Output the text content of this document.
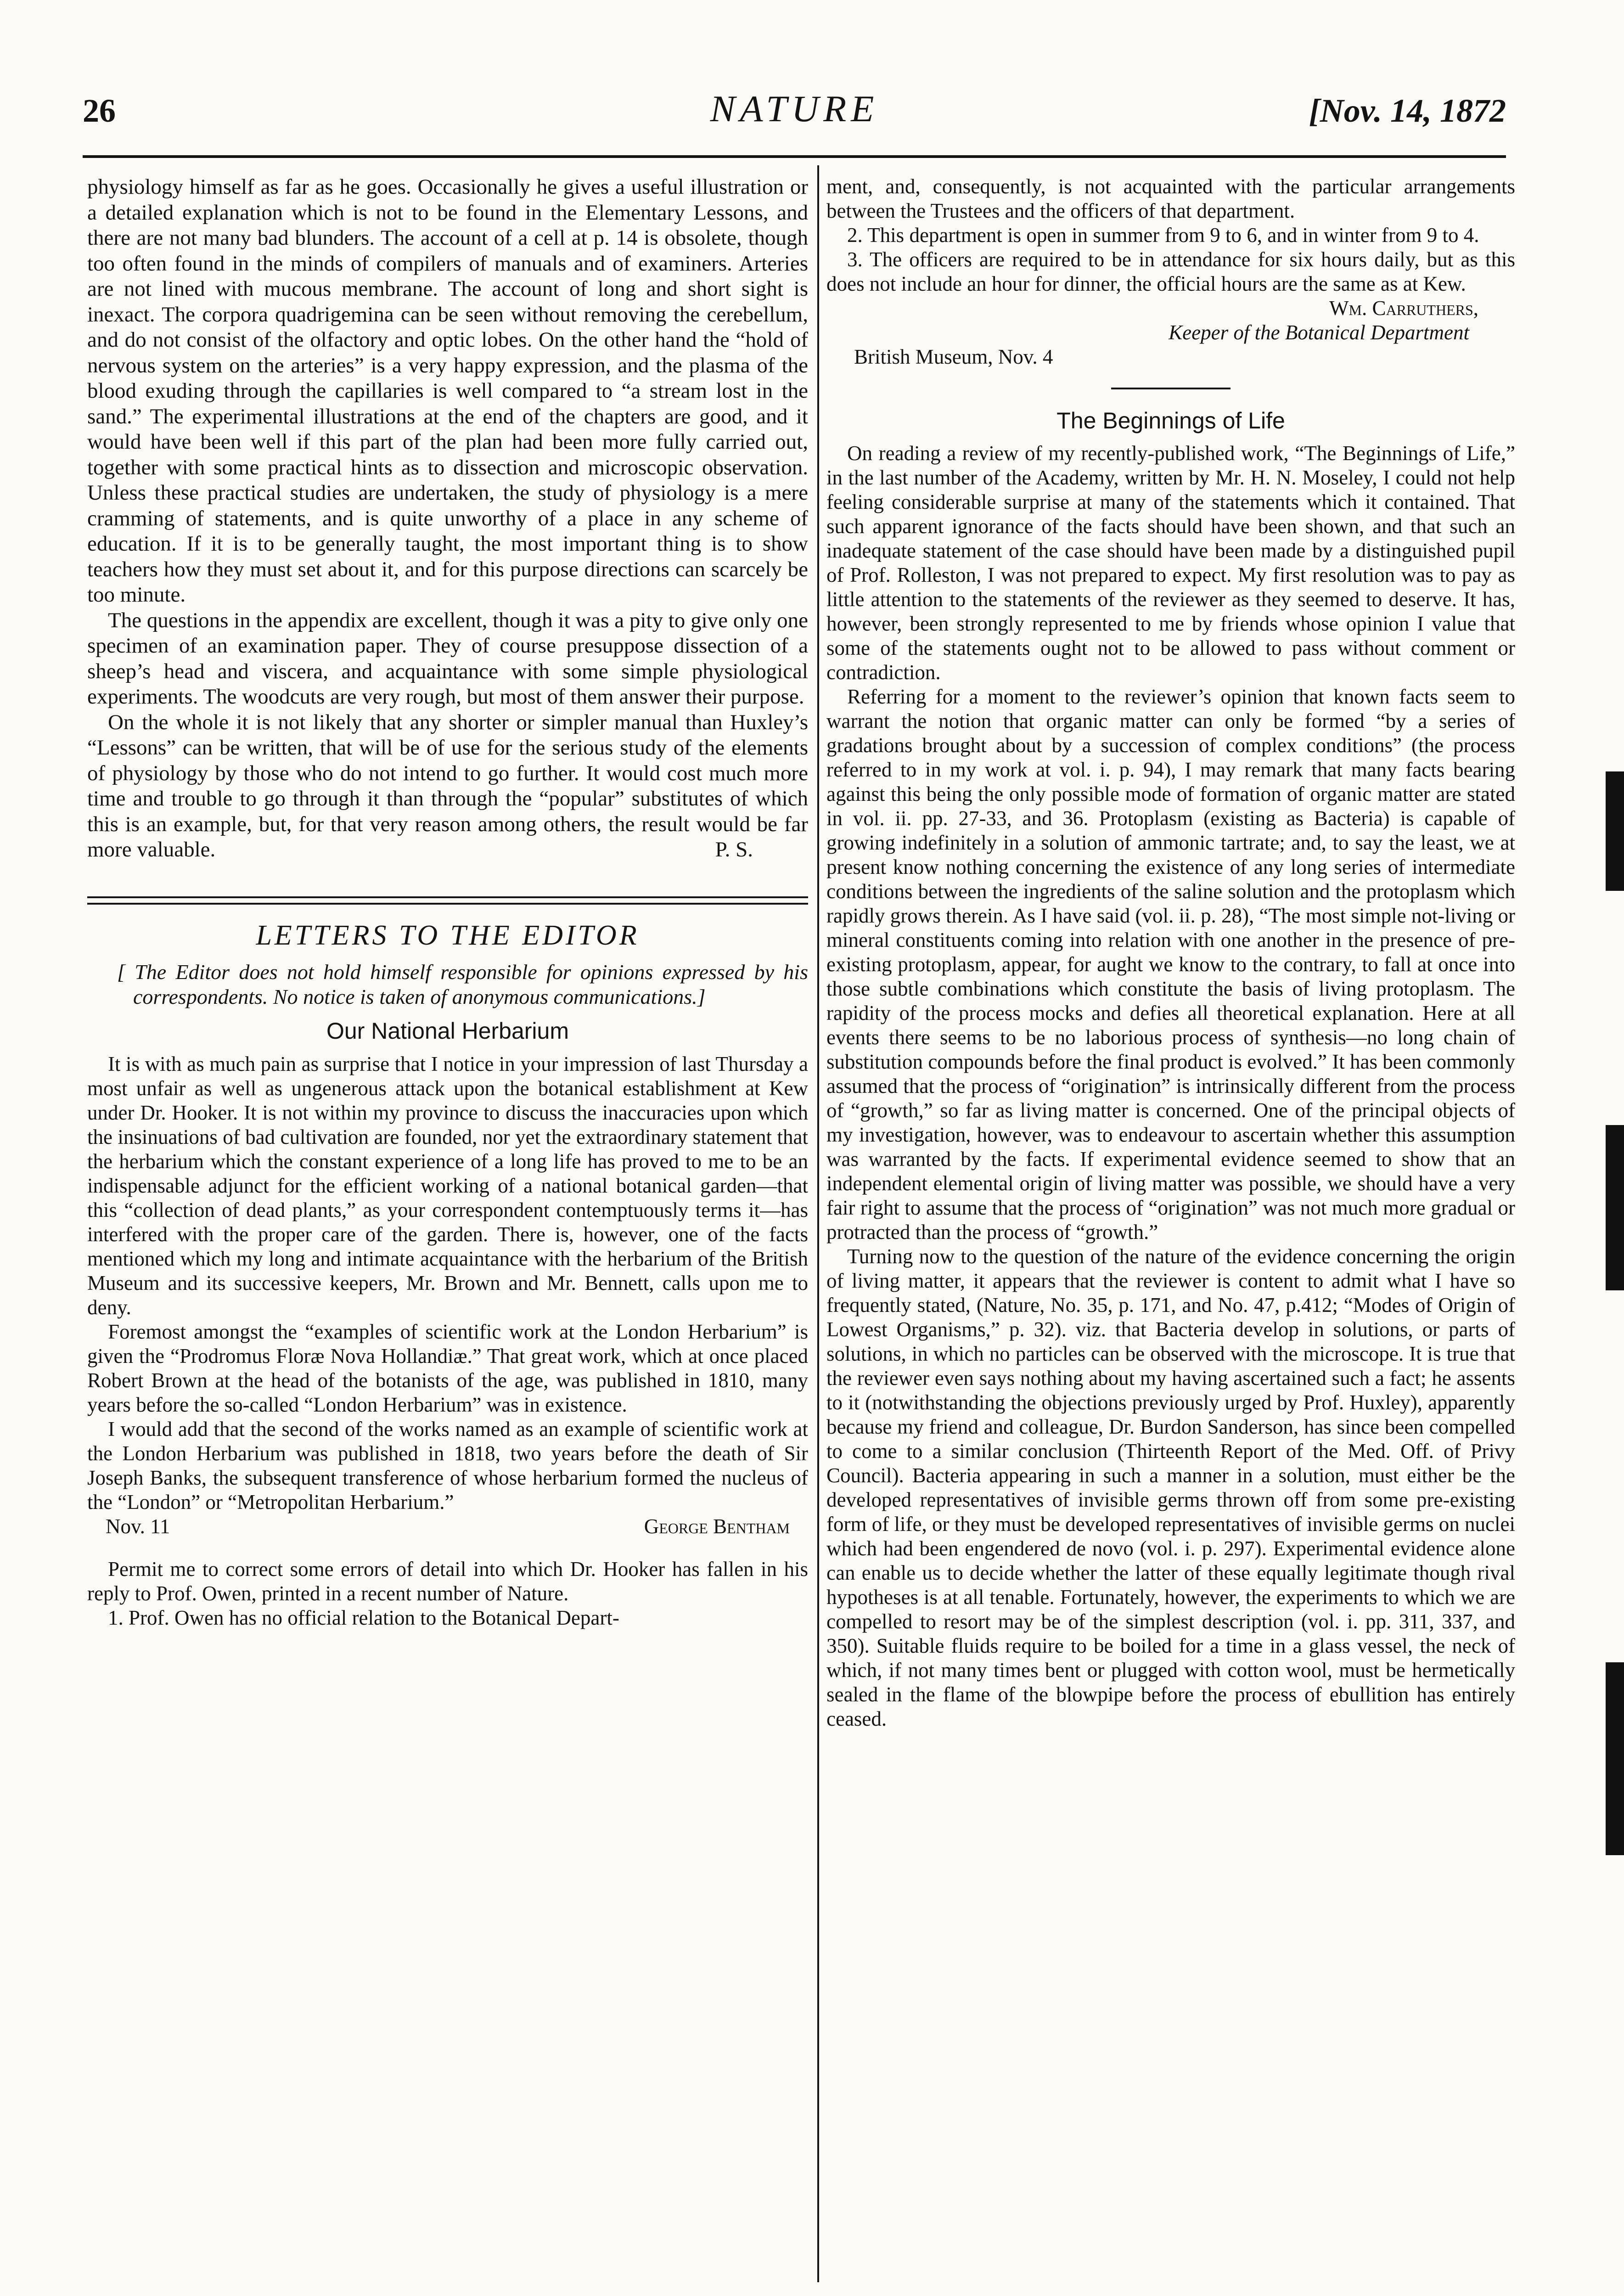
26	NATURE	[Nov. 14, 1872

physiology himself as far as he goes. Occasionally he gives a useful illustration or a detailed explanation which is not to be found in the Elementary Lessons, and there are not many bad blunders. The account of a cell at p. 14 is obsolete, though too often found in the minds of compilers of manuals and of examiners. Arteries are not lined with mucous membrane. The account of long and short sight is inexact. The corpora quadrigemina can be seen without removing the cerebellum, and do not consist of the olfactory and optic lobes. On the other hand the “hold of nervous system on the arteries” is a very happy expression, and the plasma of the blood exuding through the capillaries is well compared to “a stream lost in the sand.” The experimental illustrations at the end of the chapters are good, and it would have been well if this part of the plan had been more fully carried out, together with some practical hints as to dissection and microscopic observation. Unless these practical studies are undertaken, the study of physiology is a mere cramming of statements, and is quite unworthy of a place in any scheme of education. If it is to be generally taught, the most important thing is to show teachers how they must set about it, and for this purpose directions can scarcely be too minute.

The questions in the appendix are excellent, though it was a pity to give only one specimen of an examination paper. They of course presuppose dissection of a sheep’s head and viscera, and acquaintance with some simple physiological experiments. The woodcuts are very rough, but most of them answer their purpose.

On the whole it is not likely that any shorter or simpler manual than Huxley’s “Lessons” can be written, that will be of use for the serious study of the elements of physiology by those who do not intend to go further. It would cost much more time and trouble to go through it than through the “popular” substitutes of which this is an example, but, for that very reason among others, the result would be far more valuable.	P. S.
LETTERS TO THE EDITOR
[ The Editor does not hold himself responsible for opinions expressed by his correspondents. No notice is taken of anonymous communications.]
Our National Herbarium

It is with as much pain as surprise that I notice in your impression of last Thursday a most unfair as well as ungenerous attack upon the botanical establishment at Kew under Dr. Hooker. It is not within my province to discuss the inaccuracies upon which the insinuations of bad cultivation are founded, nor yet the extraordinary statement that the herbarium which the constant experience of a long life has proved to me to be an indispensable adjunct for the efficient working of a national botanical garden—that this “collection of dead plants,” as your correspondent contemptuously terms it—has interfered with the proper care of the garden. There is, however, one of the facts mentioned which my long and intimate acquaintance with the herbarium of the British Museum and its successive keepers, Mr. Brown and Mr. Bennett, calls upon me to deny.

Foremost amongst the “examples of scientific work at the London Herbarium” is given the “Prodromus Floræ Nova Hollandiæ.” That great work, which at once placed Robert Brown at the head of the botanists of the age, was published in 1810, many years before the so-called “London Herbarium” was in existence.

I would add that the second of the works named as an example of scientific work at the London Herbarium was published in 1818, two years before the death of Sir Joseph Banks, the subsequent transference of whose herbarium formed the nucleus of the “London” or “Metropolitan Herbarium.”

Nov. 11	George Bentham

Permit me to correct some errors of detail into which Dr. Hooker has fallen in his reply to Prof. Owen, printed in a recent number of Nature.

1. Prof. Owen has no official relation to the Botanical Depart-

ment, and, consequently, is not acquainted with the particular arrangements between the Trustees and the officers of that department.

2. This department is open in summer from 9 to 6, and in winter from 9 to 4.

3. The officers are required to be in attendance for six hours daily, but as this does not include an hour for dinner, the official hours are the same as at Kew.

Wm. Carruthers,
Keeper of the Botanical Department
British Museum, Nov. 4
The Beginnings of Life

On reading a review of my recently-published work, “The Beginnings of Life,” in the last number of the Academy, written by Mr. H. N. Moseley, I could not help feeling considerable surprise at many of the statements which it contained. That such apparent ignorance of the facts should have been shown, and that such an inadequate statement of the case should have been made by a distinguished pupil of Prof. Rolleston, I was not prepared to expect. My first resolution was to pay as little attention to the statements of the reviewer as they seemed to deserve. It has, however, been strongly represented to me by friends whose opinion I value that some of the statements ought not to be allowed to pass without comment or contradiction.

Referring for a moment to the reviewer’s opinion that known facts seem to warrant the notion that organic matter can only be formed “by a series of gradations brought about by a succession of complex conditions” (the process referred to in my work at vol. i. p. 94), I may remark that many facts bearing against this being the only possible mode of formation of organic matter are stated in vol. ii. pp. 27-33, and 36. Protoplasm (existing as Bacteria) is capable of growing indefinitely in a solution of ammonic tartrate; and, to say the least, we at present know nothing concerning the existence of any long series of intermediate conditions between the ingredients of the saline solution and the protoplasm which rapidly grows therein. As I have said (vol. ii. p. 28), “The most simple not-living or mineral constituents coming into relation with one another in the presence of pre-existing protoplasm, appear, for aught we know to the contrary, to fall at once into those subtle combinations which constitute the basis of living protoplasm. The rapidity of the process mocks and defies all theoretical explanation. Here at all events there seems to be no laborious process of synthesis—no long chain of substitution compounds before the final product is evolved.” It has been commonly assumed that the process of “origination” is intrinsically different from the process of “growth,” so far as living matter is concerned. One of the principal objects of my investigation, however, was to endeavour to ascertain whether this assumption was warranted by the facts. If experimental evidence seemed to show that an independent elemental origin of living matter was possible, we should have a very fair right to assume that the process of “origination” was not much more gradual or protracted than the process of “growth.”

Turning now to the question of the nature of the evidence concerning the origin of living matter, it appears that the reviewer is content to admit what I have so frequently stated, (Nature, No. 35, p. 171, and No. 47, p.412; “Modes of Origin of Lowest Organisms,” p. 32). viz. that Bacteria develop in solutions, or parts of solutions, in which no particles can be observed with the microscope. It is true that the reviewer even says nothing about my having ascertained such a fact; he assents to it (notwithstanding the objections previously urged by Prof. Huxley), apparently because my friend and colleague, Dr. Burdon Sanderson, has since been compelled to come to a similar conclusion (Thirteenth Report of the Med. Off. of Privy Council). Bacteria appearing in such a manner in a solution, must either be the developed representatives of invisible germs thrown off from some pre-existing form of life, or they must be developed representatives of invisible germs on nuclei which had been engendered de novo (vol. i. p. 297). Experimental evidence alone can enable us to decide whether the latter of these equally legitimate though rival hypotheses is at all tenable. Fortunately, however, the experiments to which we are compelled to resort may be of the simplest description (vol. i. pp. 311, 337, and 350). Suitable fluids require to be boiled for a time in a glass vessel, the neck of which, if not many times bent or plugged with cotton wool, must be hermetically sealed in the flame of the blowpipe before the process of ebullition has entirely ceased.
